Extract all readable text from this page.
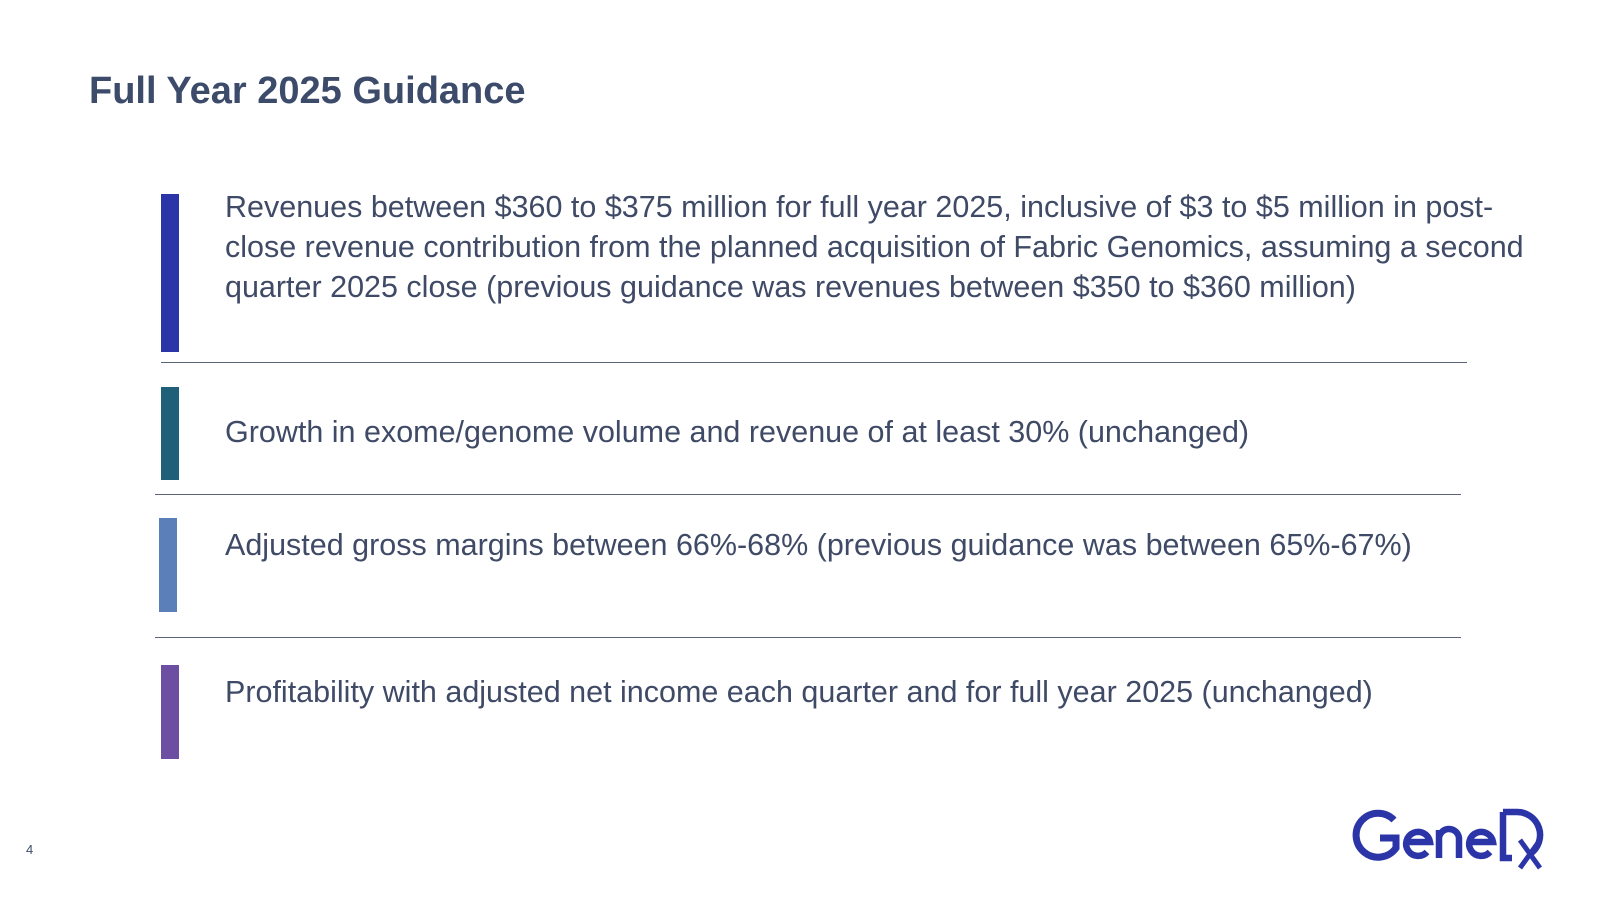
Full Year 2025 Guidance

Revenues between $360 to $375 million for full year 2025, inclusive of $3 to $5 million in post-close revenue contribution from the planned acquisition of Fabric Genomics, assuming a second quarter 2025 close (previous guidance was revenues between $350 to $360 million)

Growth in exome/genome volume and revenue of at least 30% (unchanged)

Adjusted gross margins between 66%-68% (previous guidance was between 65%-67%)

Profitability with adjusted net income each quarter and for full year 2025 (unchanged)

4
